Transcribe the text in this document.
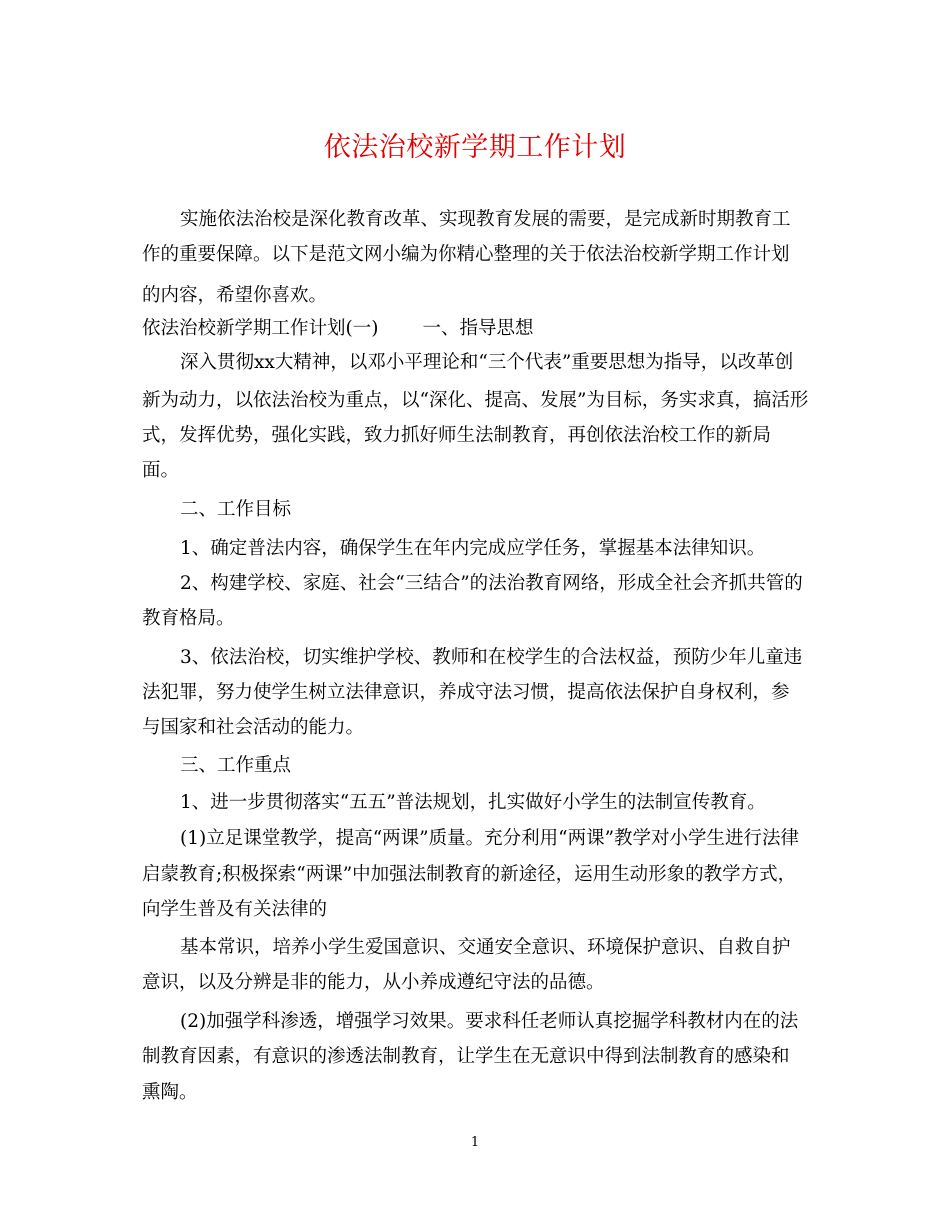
依法治校新学期工作计划
实施依法治校是深化教育改革、实现教育发展的需要，是完成新时期教育工
作的重要保障。以下是范文网小编为你精心整理的关于依法治校新学期工作计划
的内容，希望你喜欢。
依法治校新学期工作计划(一) 一、指导思想
深入贯彻xx大精神，以邓小平理论和“三个代表”重要思想为指导，以改革创
新为动力，以依法治校为重点，以“深化、提高、发展”为目标，务实求真，搞活形
式，发挥优势，强化实践，致力抓好师生法制教育，再创依法治校工作的新局
面。
二、工作目标
1、确定普法内容，确保学生在年内完成应学任务，掌握基本法律知识。
2、构建学校、家庭、社会“三结合”的法治教育网络，形成全社会齐抓共管的
教育格局。
3、依法治校，切实维护学校、教师和在校学生的合法权益，预防少年儿童违
法犯罪，努力使学生树立法律意识，养成守法习惯，提高依法保护自身权利，参
与国家和社会活动的能力。
三、工作重点
1、进一步贯彻落实“五五”普法规划，扎实做好小学生的法制宣传教育。
(1)立足课堂教学，提高“两课”质量。充分利用“两课”教学对小学生进行法律
启蒙教育;积极探索“两课”中加强法制教育的新途径，运用生动形象的教学方式，
向学生普及有关法律的
基本常识，培养小学生爱国意识、交通安全意识、环境保护意识、自救自护
意识，以及分辨是非的能力，从小养成遵纪守法的品德。
(2)加强学科渗透，增强学习效果。要求科任老师认真挖掘学科教材内在的法
制教育因素，有意识的渗透法制教育，让学生在无意识中得到法制教育的感染和
熏陶。
1
